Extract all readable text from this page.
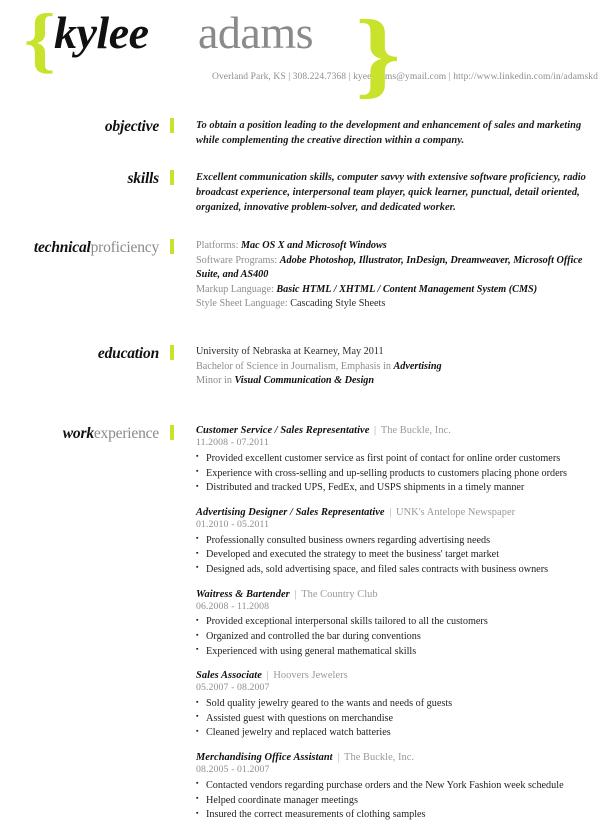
{
kylee adams }
Overland Park, KS | 308.224.7368 | kyeeadams@ymail.com | http://www.linkedin.com/in/adamskd
objective	To obtain a position leading to the development and enhancement of sales and marketing while complementing the creative direction within a company.
skills	Excellent communication skills, computer savvy with extensive software proficiency, radio broadcast experience, interpersonal team player, quick learner, punctual, detail oriented, organized, innovative problem-solver, and dedicated worker.
technicalproficiency	Platforms: Mac OS X and Microsoft Windows
Software Programs: Adobe Photoshop, Illustrator, InDesign, Dreamweaver, Microsoft Office Suite, and AS400
Markup Language: Basic HTML / XHTML / Content Management System (CMS)
Style Sheet Language: Cascading Style Sheets
education	University of Nebraska at Kearney, May 2011
Bachelor of Science in Journalism, Emphasis in Advertising
Minor in Visual Communication & Design
workexperience	Customer Service / Sales Representative | The Buckle, Inc.
11.2008 - 07.2011
▪ Provided excellent customer service as first point of contact for online order customers
▪ Experience with cross-selling and up-selling products to customers placing phone orders
▪ Distributed and tracked UPS, FedEx, and USPS shipments in a timely manner
Advertising Designer / Sales Representative | UNK's Antelope Newspaper
01.2010 - 05.2011
▪ Professionally consulted business owners regarding advertising needs
▪ Developed and executed the strategy to meet the business' target market
▪ Designed ads, sold advertising space, and filed sales contracts with business owners
Waitress & Bartender | The Country Club
06.2008 - 11.2008
▪ Provided exceptional interpersonal skills tailored to all the customers
▪ Organized and controlled the bar during conventions
▪ Experienced with using general mathematical skills
Sales Associate | Hoovers Jewelers
05.2007 - 08.2007
▪ Sold quality jewelry geared to the wants and needs of guests
▪ Assisted guest with questions on merchandise
▪ Cleaned jewelry and replaced watch batteries
Merchandising Office Assistant | The Buckle, Inc.
08.2005 - 01.2007
▪ Contacted vendors regarding purchase orders and the New York Fashion week schedule
▪ Helped coordinate manager meetings
▪ Insured the correct measurements of clothing samples
